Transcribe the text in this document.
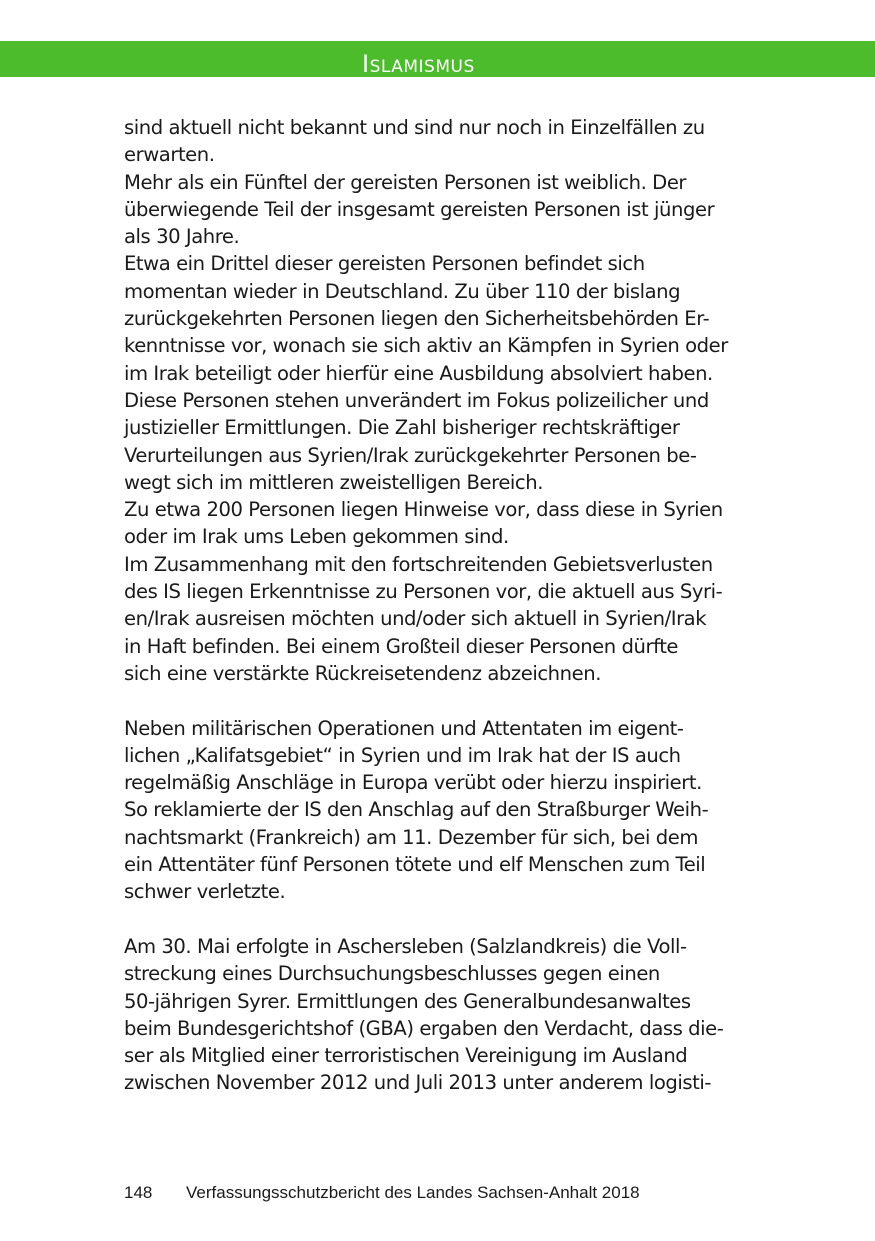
Islamismus
sind aktuell nicht bekannt und sind nur noch in Einzelfällen zu
erwarten.
Mehr als ein Fünftel der gereisten Personen ist weiblich. Der
überwiegende Teil der insgesamt gereisten Personen ist jünger
als 30 Jahre.
Etwa ein Drittel dieser gereisten Personen befindet sich
momentan wieder in Deutschland. Zu über 110 der bislang
zurückgekehrten Personen liegen den Sicherheitsbehörden Er-
kenntnisse vor, wonach sie sich aktiv an Kämpfen in Syrien oder
im Irak beteiligt oder hierfür eine Ausbildung absolviert haben.
Diese Personen stehen unverändert im Fokus polizeilicher und
justizieller Ermittlungen. Die Zahl bisheriger rechtskräftiger
Verurteilungen aus Syrien/Irak zurückgekehrter Personen be-
wegt sich im mittleren zweistelligen Bereich.
Zu etwa 200 Personen liegen Hinweise vor, dass diese in Syrien
oder im Irak ums Leben gekommen sind.
Im Zusammenhang mit den fortschreitenden Gebietsverlusten
des IS liegen Erkenntnisse zu Personen vor, die aktuell aus Syri-
en/Irak ausreisen möchten und/oder sich aktuell in Syrien/Irak
in Haft befinden. Bei einem Großteil dieser Personen dürfte
sich eine verstärkte Rückreisetendenz abzeichnen.
Neben militärischen Operationen und Attentaten im eigent-
lichen „Kalifatsgebiet“ in Syrien und im Irak hat der IS auch
regelmäßig Anschläge in Europa verübt oder hierzu inspiriert.
So reklamierte der IS den Anschlag auf den Straßburger Weih-
nachtsmarkt (Frankreich) am 11. Dezember für sich, bei dem
ein Attentäter fünf Personen tötete und elf Menschen zum Teil
schwer verletzte.
Am 30. Mai erfolgte in Aschersleben (Salzlandkreis) die Voll-
streckung eines Durchsuchungsbeschlusses gegen einen
50-jährigen Syrer. Ermittlungen des Generalbundesanwaltes
beim Bundesgerichtshof (GBA) ergaben den Verdacht, dass die-
ser als Mitglied einer terroristischen Vereinigung im Ausland
zwischen November 2012 und Juli 2013 unter anderem logisti-
148 Verfassungsschutzbericht des Landes Sachsen-Anhalt 2018
